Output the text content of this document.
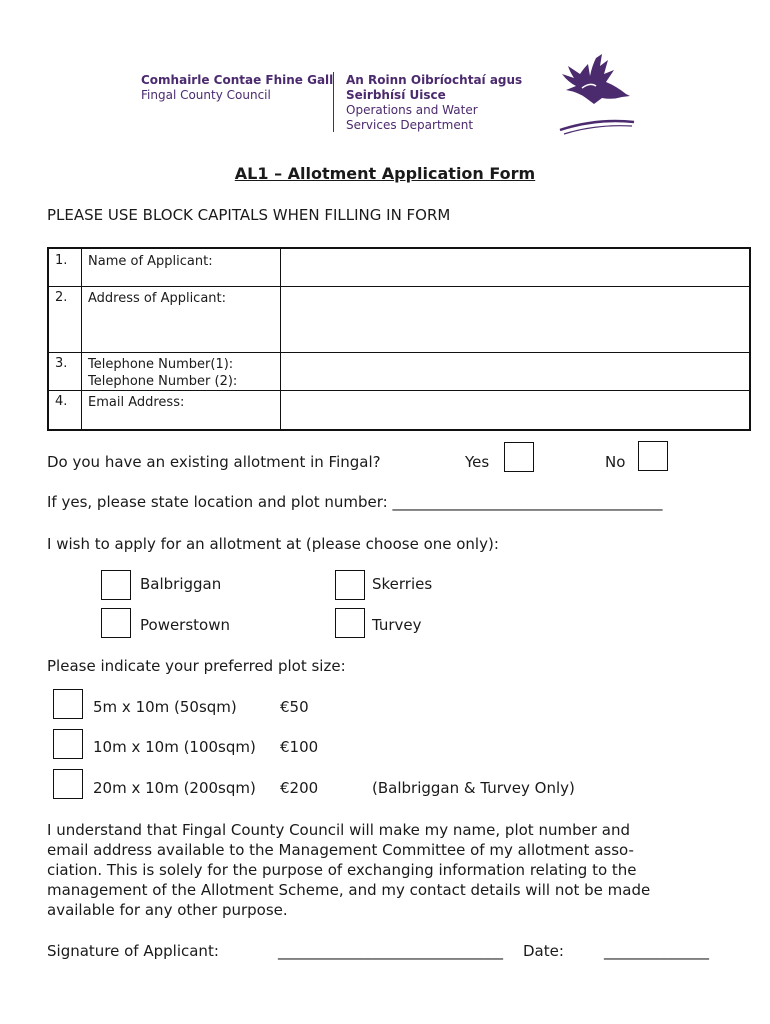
Comhairle Contae Fhine Gall
Fingal County Council
An Roinn Oibríochtaí agus
Seirbhísí Uisce
Operations and Water
Services Department
AL1 – Allotment Application Form
PLEASE USE BLOCK CAPITALS WHEN FILLING IN FORM
1. Name of Applicant:
2. Address of Applicant:
3. Telephone Number(1):
Telephone Number (2):
4. Email Address:
Do you have an existing allotment in Fingal?	Yes	No
If yes, please state location and plot number: ____________________________________
I wish to apply for an allotment at (please choose one only):
Balbriggan	Skerries
Powerstown	Turvey
Please indicate your preferred plot size:
5m x 10m (50sqm)	€50
10m x 10m (100sqm) €100
20m x 10m (200sqm) €200	(Balbriggan & Turvey Only)
I understand that Fingal County Council will make my name, plot number and
email address available to the Management Committee of my allotment asso-
ciation. This is solely for the purpose of exchanging information relating to the
management of the Allotment Scheme, and my contact details will not be made
available for any other purpose.
Signature of Applicant:	______________________________ Date:	______________
